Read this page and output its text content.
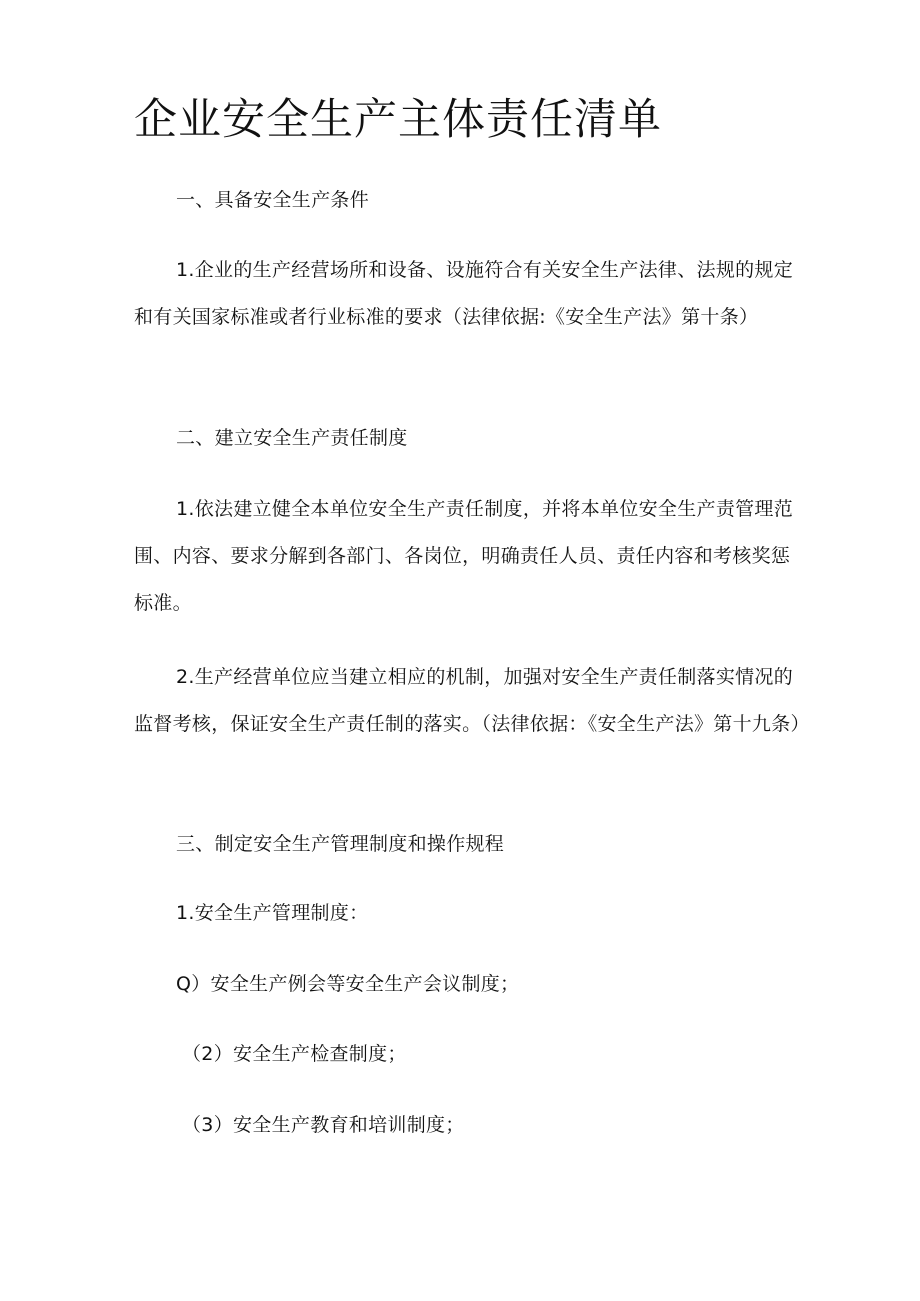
企业安全生产主体责任清单

一、具备安全生产条件

1.企业的生产经营场所和设备、设施符合有关安全生产法律、法规的规定和有关国家标准或者行业标准的要求（法律依据:《安全生产法》第十条）

二、建立安全生产责任制度

1.依法建立健全本单位安全生产责任制度，并将本单位安全生产责管理范围、内容、要求分解到各部门、各岗位，明确责任人员、责任内容和考核奖惩标准。

2.生产经营单位应当建立相应的机制，加强对安全生产责任制落实情况的监督考核，保证安全生产责任制的落实。（法律依据：《安全生产法》第十九条）

三、制定安全生产管理制度和操作规程

1.安全生产管理制度：

Q）安全生产例会等安全生产会议制度；

（2）安全生产检查制度；

（3）安全生产教育和培训制度；
